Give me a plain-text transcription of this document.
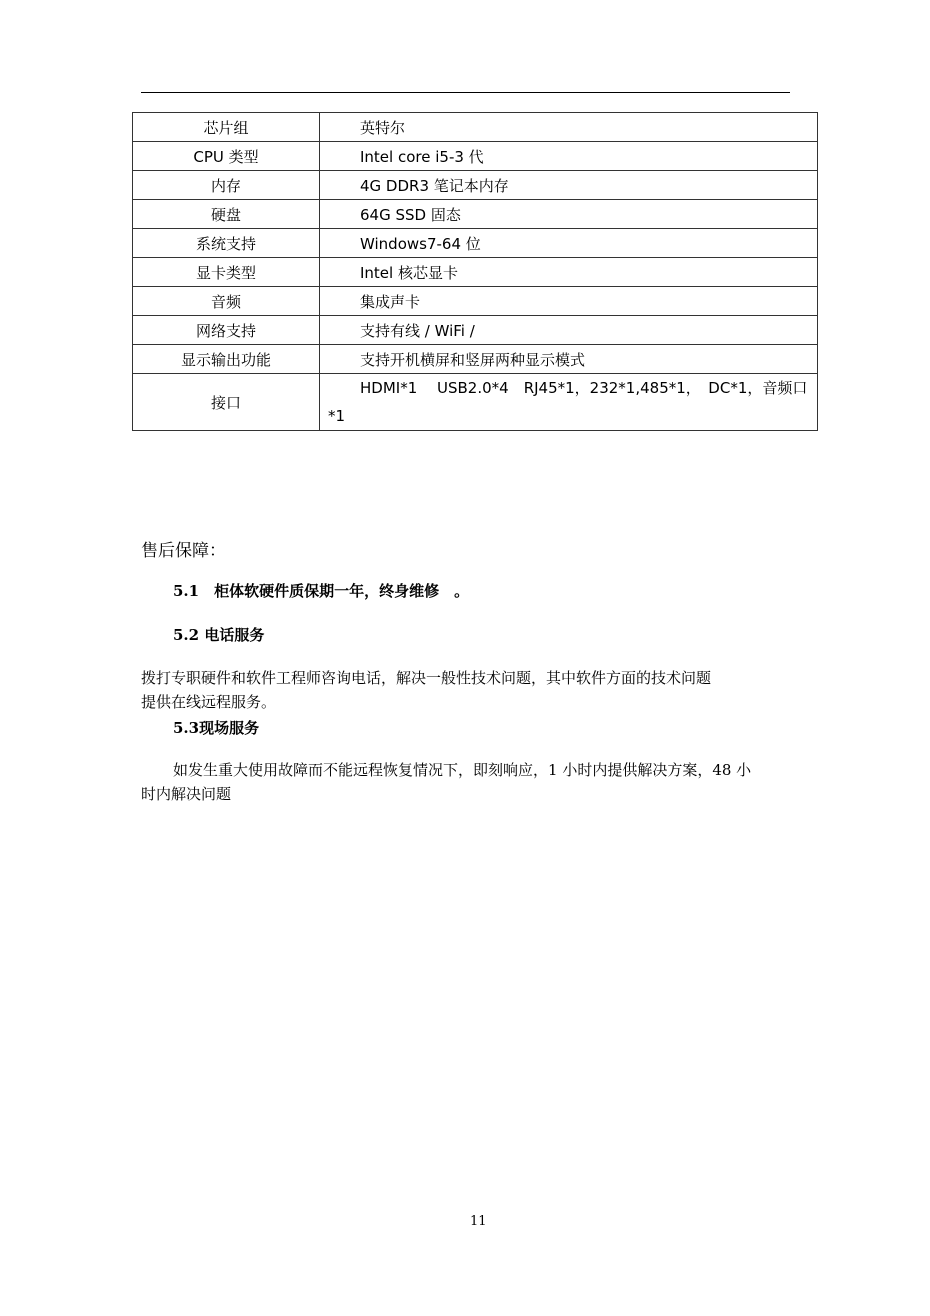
芯片组	英特尔
CPU 类型	Intel core i5-3 代
内存	4G DDR3 笔记本内存
硬盘	64G SSD 固态
系统支持	Windows7-64 位
显卡类型	Intel 核芯显卡
音频	集成声卡
网络支持	支持有线 / WiFi /
显示输出功能	支持开机横屏和竖屏两种显示模式
接口	HDMI*1　 USB2.0*4　RJ45*1，232*1,485*1，　DC*1，音频口*1
售后保障：
5.1　柜体软硬件质保期一年，终身维修　。
5.2 电话服务
拨打专职硬件和软件工程师咨询电话，解决一般性技术问题，其中软件方面的技术问题
提供在线远程服务。
5.3现场服务
如发生重大使用故障而不能远程恢复情况下，即刻响应，1 小时内提供解决方案，48 小
时内解决问题
11
